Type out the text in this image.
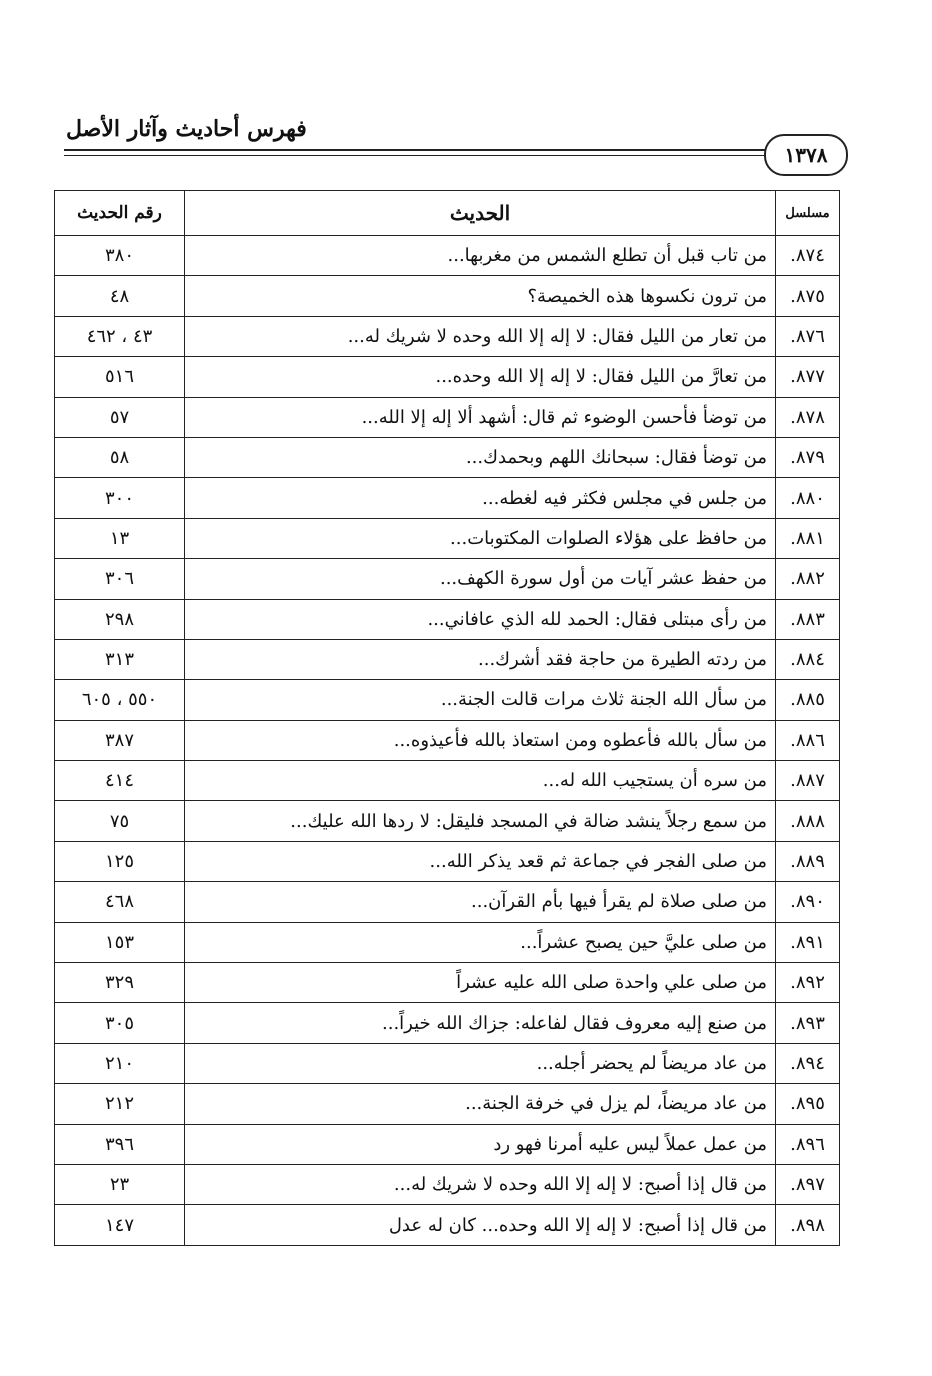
فهرس أحاديث وآثار الأصل
١٣٧٨
مسلسل	الحديث	رقم الحديث
٨٧٤.	من تاب قبل أن تطلع الشمس من مغربها...	٣٨٠
٨٧٥.	من ترون نكسوها هذه الخميصة؟	٤٨
٨٧٦.	من تعار من الليل فقال: لا إله إلا الله وحده لا شريك له...	٤٣ ، ٤٦٢
٨٧٧.	من تعارَّ من الليل فقال: لا إله إلا الله وحده...	٥١٦
٨٧٨.	من توضأ فأحسن الوضوء ثم قال: أشهد ألا إله إلا الله...	٥٧
٨٧٩.	من توضأ فقال: سبحانك اللهم وبحمدك...	٥٨
٨٨٠.	من جلس في مجلس فكثر فيه لغطه...	٣٠٠
٨٨١.	من حافظ على هؤلاء الصلوات المكتوبات...	١٣
٨٨٢.	من حفظ عشر آيات من أول سورة الكهف...	٣٠٦
٨٨٣.	من رأى مبتلى فقال: الحمد لله الذي عافاني...	٢٩٨
٨٨٤.	من ردته الطيرة من حاجة فقد أشرك...	٣١٣
٨٨٥.	من سأل الله الجنة ثلاث مرات قالت الجنة...	٥٥٠ ، ٦٠٥
٨٨٦.	من سأل بالله فأعطوه ومن استعاذ بالله فأعيذوه...	٣٨٧
٨٨٧.	من سره أن يستجيب الله له...	٤١٤
٨٨٨.	من سمع رجلاً ينشد ضالة في المسجد فليقل: لا ردها الله عليك...	٧٥
٨٨٩.	من صلى الفجر في جماعة ثم قعد يذكر الله...	١٢٥
٨٩٠.	من صلى صلاة لم يقرأ فيها بأم القرآن...	٤٦٨
٨٩١.	من صلى عليَّ حين يصبح عشراً...	١٥٣
٨٩٢.	من صلى علي واحدة صلى الله عليه عشراً	٣٢٩
٨٩٣.	من صنع إليه معروف فقال لفاعله: جزاك الله خيراً...	٣٠٥
٨٩٤.	من عاد مريضاً لم يحضر أجله...	٢١٠
٨٩٥.	من عاد مريضاً، لم يزل في خرفة الجنة...	٢١٢
٨٩٦.	من عمل عملاً ليس عليه أمرنا فهو رد	٣٩٦
٨٩٧.	من قال إذا أصبح: لا إله إلا الله وحده لا شريك له...	٢٣
٨٩٨.	من قال إذا أصبح: لا إله إلا الله وحده... كان له عدل	١٤٧
